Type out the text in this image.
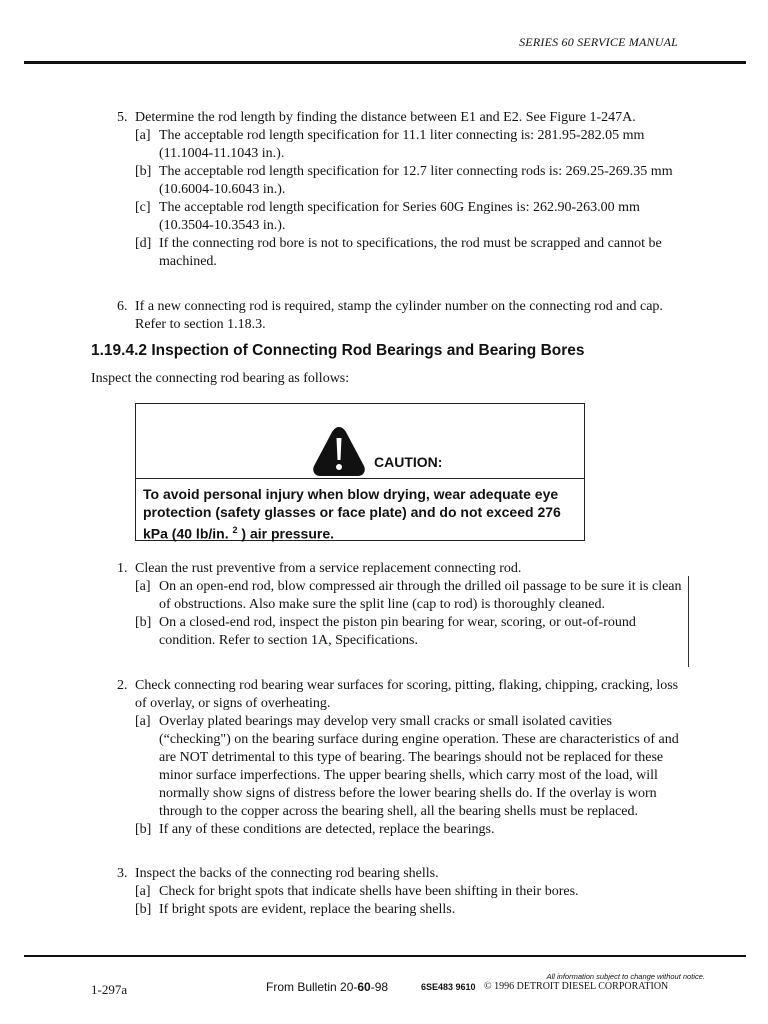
SERIES 60 SERVICE MANUAL
5. Determine the rod length by finding the distance between E1 and E2. See Figure 1-247A.
[a] The acceptable rod length specification for 11.1 liter connecting is: 281.95-282.05 mm (11.1004-11.1043 in.).
[b] The acceptable rod length specification for 12.7 liter connecting rods is: 269.25-269.35 mm (10.6004-10.6043 in.).
[c] The acceptable rod length specification for Series 60G Engines is: 262.90-263.00 mm (10.3504-10.3543 in.).
[d] If the connecting rod bore is not to specifications, the rod must be scrapped and cannot be machined.
6. If a new connecting rod is required, stamp the cylinder number on the connecting rod and cap. Refer to section 1.18.3.
1.19.4.2 Inspection of Connecting Rod Bearings and Bearing Bores
Inspect the connecting rod bearing as follows:
CAUTION:
To avoid personal injury when blow drying, wear adequate eye protection (safety glasses or face plate) and do not exceed 276 kPa (40 lb/in. $^2$ ) air pressure.
1. Clean the rust preventive from a service replacement connecting rod.
[a] On an open-end rod, blow compressed air through the drilled oil passage to be sure it is clean of obstructions. Also make sure the split line (cap to rod) is thoroughly cleaned.
[b] On a closed-end rod, inspect the piston pin bearing for wear, scoring, or out-of-round condition. Refer to section 1A, Specifications.
2. Check connecting rod bearing wear surfaces for scoring, pitting, flaking, chipping, cracking, loss of overlay, or signs of overheating.
[a] Overlay plated bearings may develop very small cracks or small isolated cavities (“checking") on the bearing surface during engine operation. These are characteristics of and are NOT detrimental to this type of bearing. The bearings should not be replaced for these minor surface imperfections. The upper bearing shells, which carry most of the load, will normally show signs of distress before the lower bearing shells do. If the overlay is worn through to the copper across the bearing shell, all the bearing shells must be replaced.
[b] If any of these conditions are detected, replace the bearings.
3. Inspect the backs of the connecting rod bearing shells.
[a] Check for bright spots that indicate shells have been shifting in their bores.
[b] If bright spots are evident, replace the bearing shells.
1-297a
All information subject to change without notice.
From Bulletin 20-60-98	6SE483 9610 © 1996 DETROIT DIESEL CORPORATION
